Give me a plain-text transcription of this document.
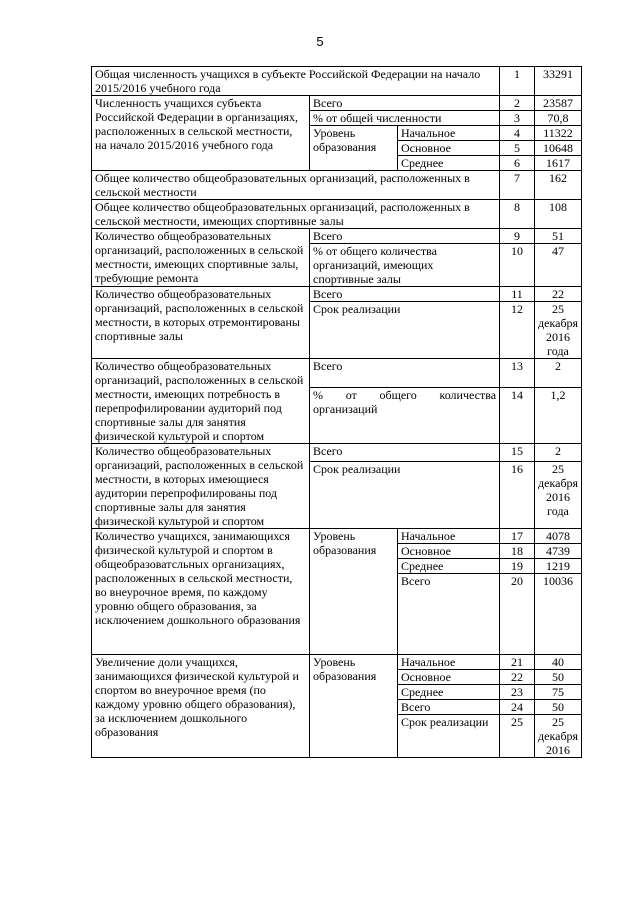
5
Общая численность учащихся в субъекте Российской Федерации на начало 2015/2016 учебного года			1	33291
Численность учащихся субъекта Российской Федерации в организациях, расположенных в сельской местности, на начало 2015/2016 учебного года	Всего		2	23587
	% от общей численности		3	70,8
	Уровень образования	Начальное	4	11322
		Основное	5	10648
		Среднее	6	1617
Общее количество общеобразовательных организаций, расположенных в сельской местности			7	162
Общее количество общеобразовательных организаций, расположенных в сельской местности, имеющих спортивные залы			8	108
Количество общеобразовательных организаций, расположенных в сельской местности, имеющих спортивные залы, требующие ремонта	Всего		9	51
	% от общего количества организаций, имеющих спортивные залы		10	47
Количество общеобразовательных организаций, расположенных в сельской местности, в которых отремонтированы спортивные залы	Всего		11	22
	Срок реализации		12	25 декабря 2016 года
Количество общеобразовательных организаций, расположенных в сельской местности, имеющих потребность в перепрофилировании аудиторий под спортивные залы для занятия физической культурой и спортом	Всего		13	2
	% от общего количества организаций		14	1,2
Количество общеобразовательных организаций, расположенных в сельской местности, в которых имеющиеся аудитории перепрофилированы под спортивные залы для занятия физической культурой и спортом	Всего		15	2
	Срок реализации		16	25 декабря 2016 года
Количество учащихся, занимающихся физической культурой и спортом в общеобразоватсльных организациях, расположенных в сельской местности, во внеурочное время, по каждому уровню общего образования, за исключением дошкольного образования	Уровень образования	Начальное	17	4078
		Основное	18	4739
		Среднее	19	1219
		Всего	20	10036
Увеличение доли учащихся, занимающихся физической культурой и спортом во внеурочное время (по каждому уровню общего образования), за исключением дошкольного образования	Уровень образования	Начальное	21	40
		Основное	22	50
		Среднее	23	75
		Всего	24	50
		Срок реализации	25	25 декабря 2016
